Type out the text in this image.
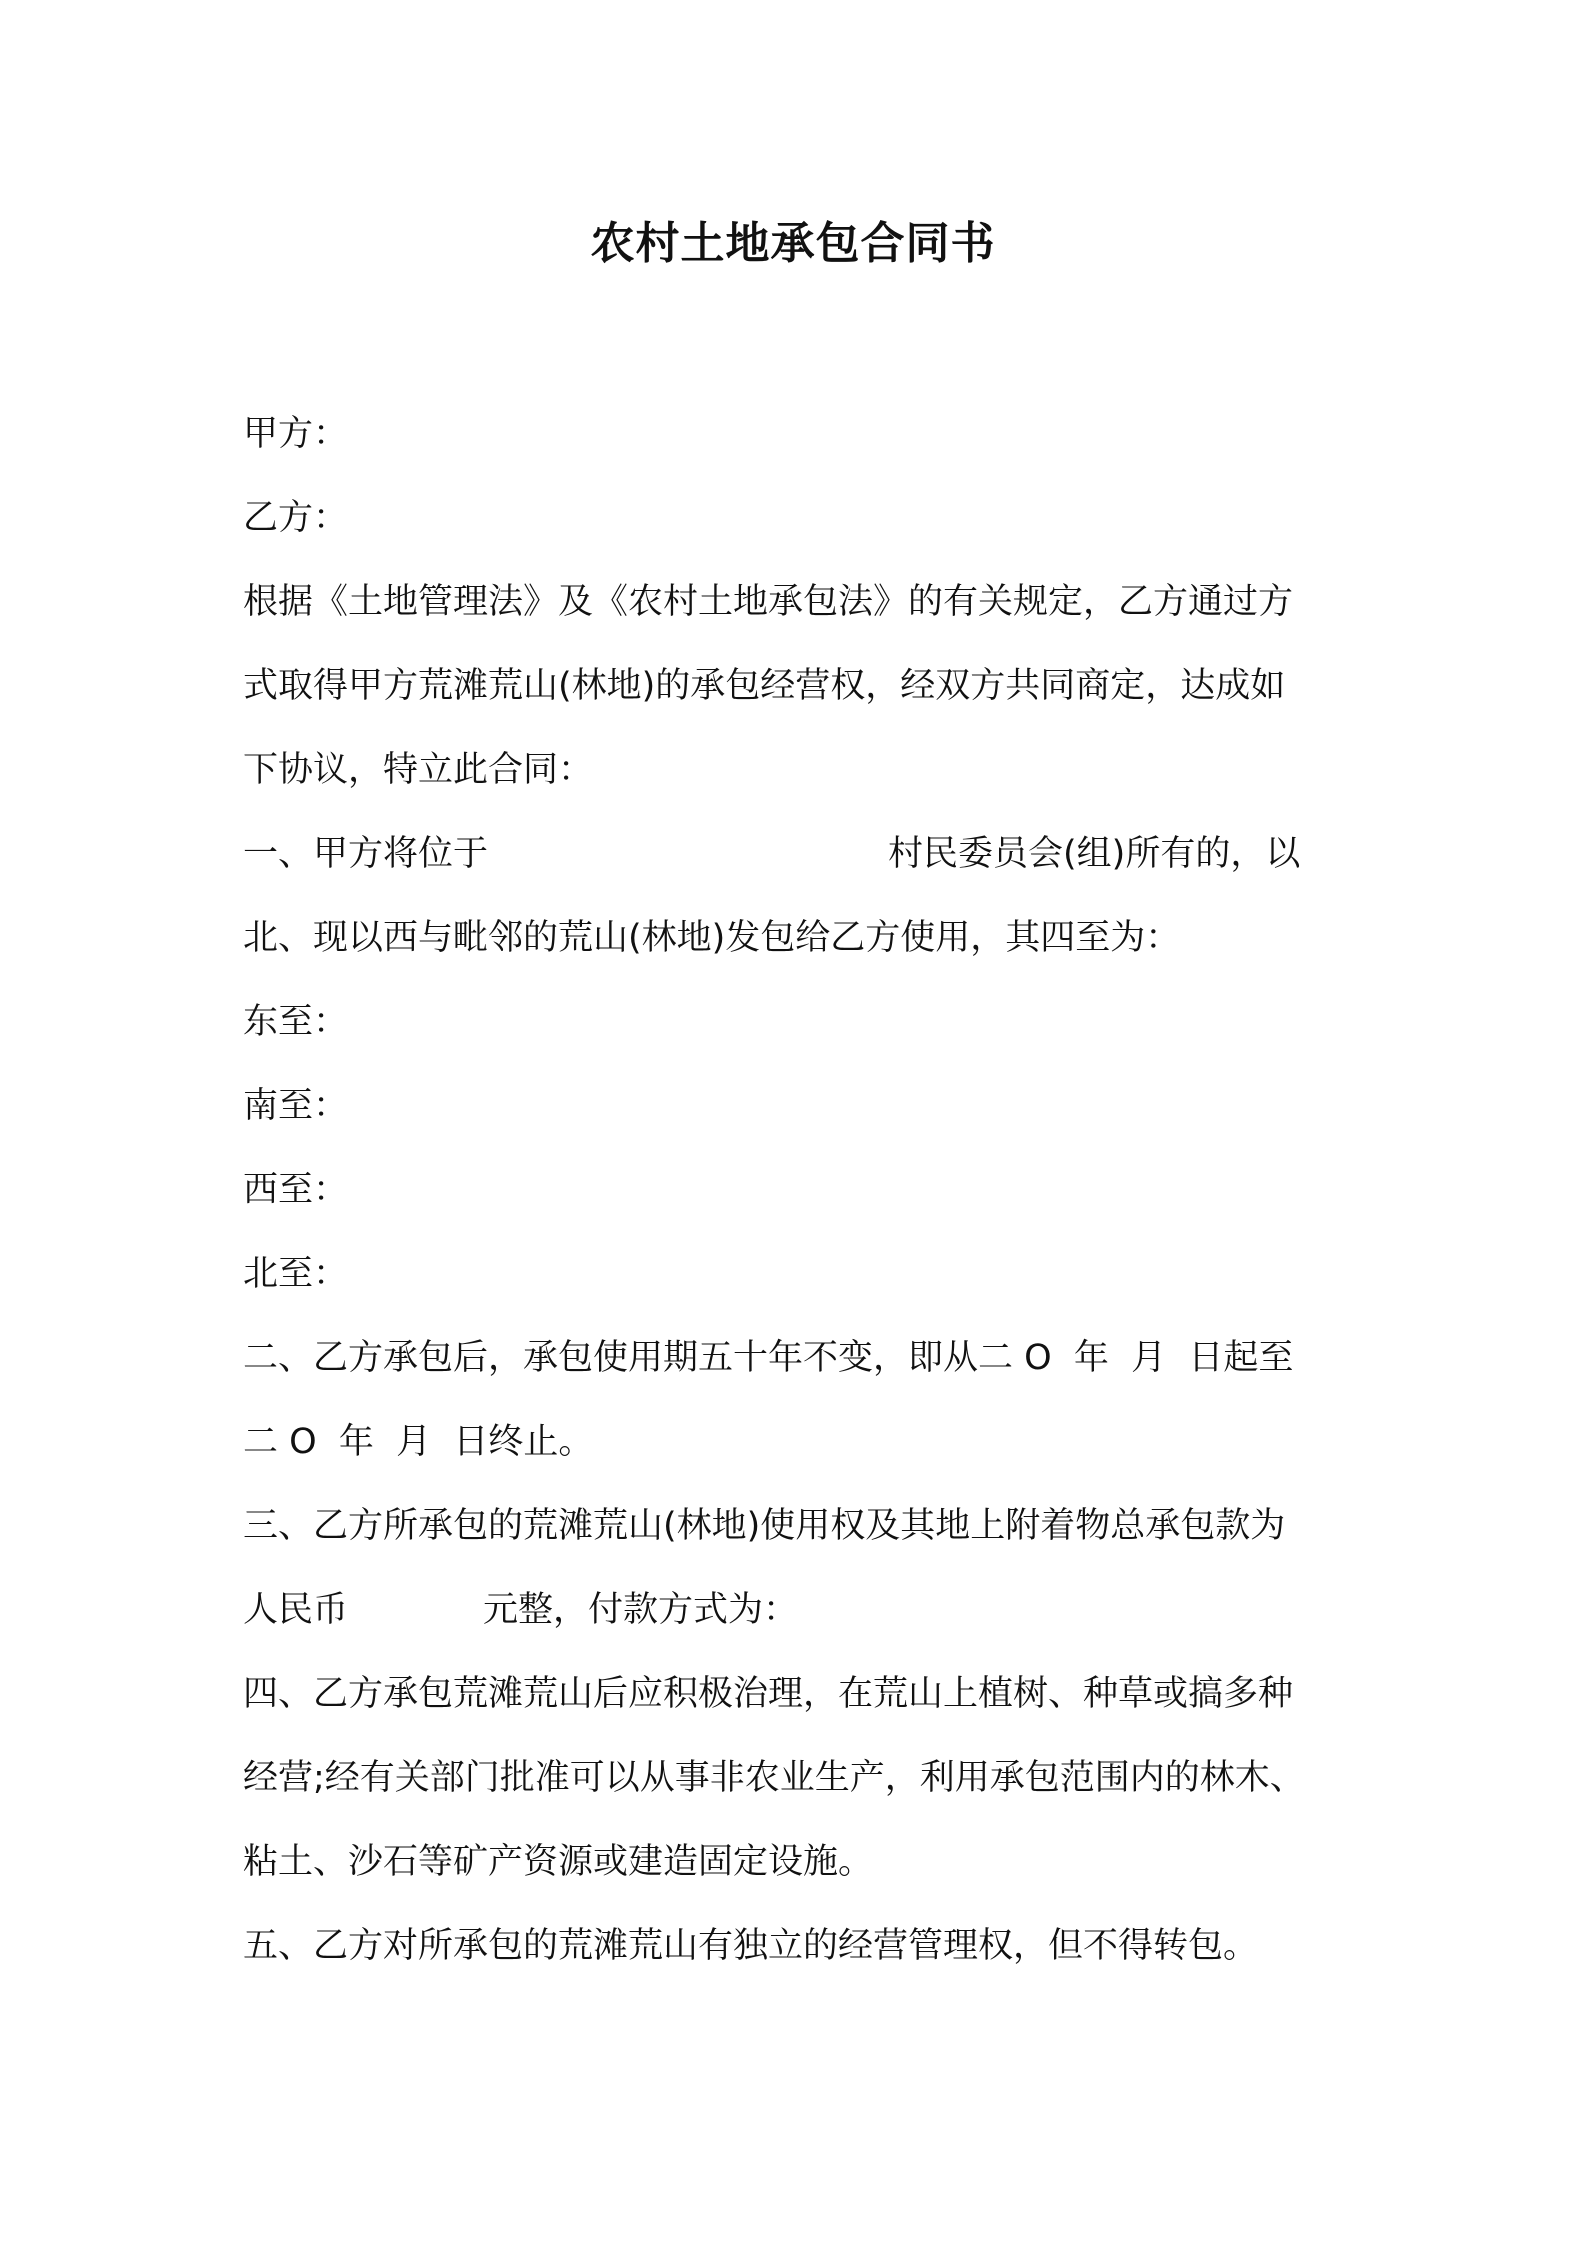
农村土地承包合同书
甲方：
乙方：
根据《土地管理法》及《农村土地承包法》的有关规定，乙方通过方
式取得甲方荒滩荒山(林地)的承包经营权，经双方共同商定，达成如
下协议，特立此合同：
一、甲方将位于	村民委员会(组)所有的，以
北、现以西与毗邻的荒山(林地)发包给乙方使用，其四至为：
东至：
南至：
西至：
北至：
二、乙方承包后，承包使用期五十年不变，即从二 O  年  月  日起至
二 O  年  月  日终止。
三、乙方所承包的荒滩荒山(林地)使用权及其地上附着物总承包款为
人民币	元整，付款方式为：
四、乙方承包荒滩荒山后应积极治理，在荒山上植树、种草或搞多种
经营;经有关部门批准可以从事非农业生产，利用承包范围内的林木、
粘土、沙石等矿产资源或建造固定设施。
五、乙方对所承包的荒滩荒山有独立的经营管理权，但不得转包。
